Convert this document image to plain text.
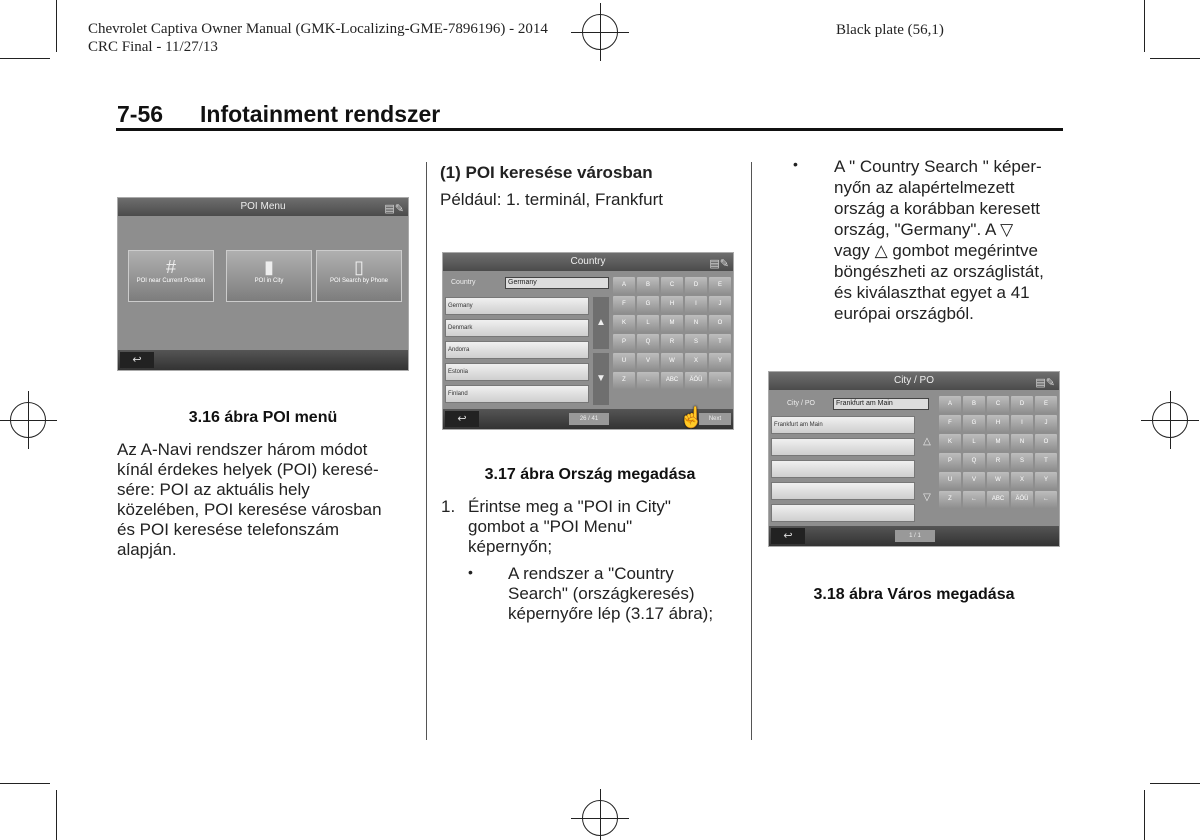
Chevrolet Captiva Owner Manual (GMK-Localizing-GME-7896196) - 2014
CRC Final - 11/27/13
Black plate (56,1)
7-56 Infotainment rendszer
POI Menu	▤✎
#
POI near Current Position
▮
POI in City
▯
POI Search by Phone
↩
3.16 ábra POI menü
Az A-Navi rendszer három módot
kínál érdekes helyek (POI) keresé-
sére: POI az aktuális hely
közelében, POI keresése városban
és POI keresése telefonszám
alapján.
(1) POI keresése városban
Például: 1. terminál, Frankfurt
Country	▤✎
Country	Germany
Germany
Denmark
Andorra
Estonia
Finland
▲
▼
A	B	C	D	E
F	G	H	I	J
K	L	M	N	O
P	Q	R	S	T
U	V	W	X	Y
Z	←	ABC	ÄÖÜ	←
↩	26 / 41	Next
☝
3.17 ábra Ország megadása
1. Érintse meg a "POI in City"
gombot a "POI Menu"
képernyőn;
• A rendszer a "Country
Search" (országkeresés)
képernyőre lép (3.17 ábra);
• A " Country Search " képer-
nyőn az alapértelmezett
ország a korábban keresett
ország, "Germany". A ▽
vagy △ gombot megérintve
böngészheti az országlistát,
és kiválaszthat egyet a 41
európai országból.
City / PO	▤✎
City / PO	Frankfurt am Main
Frankfurt am Main
△
▽
A	B	C	D	E
F	G	H	I	J
K	L	M	N	O
P	Q	R	S	T
U	V	W	X	Y
Z	←	ABC	ÄÖÜ	←
↩	1 / 1
3.18 ábra Város megadása
